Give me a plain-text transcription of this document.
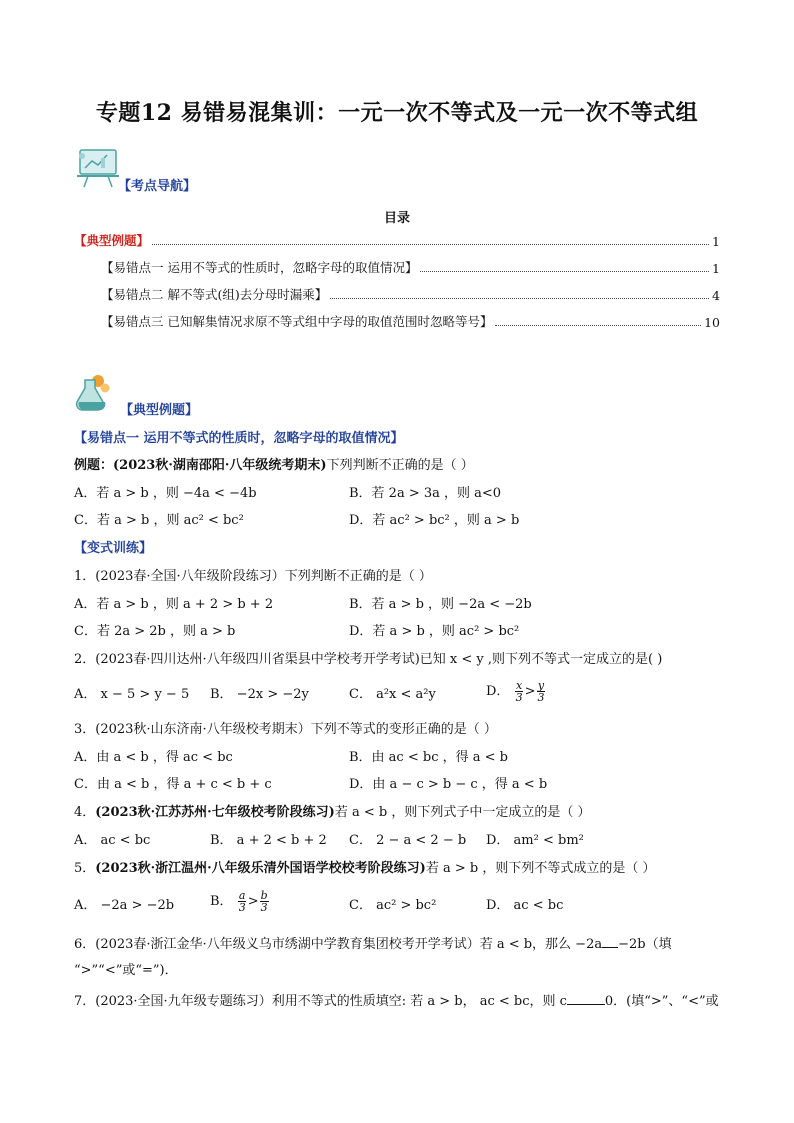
专题12 易错易混集训：一元一次不等式及一元一次不等式组
【考点导航】
目录
【典型例题】	1
【易错点一 运用不等式的性质时，忽略字母的取值情况】	1
【易错点二 解不等式(组)去分母时漏乘】	4
【易错点三 已知解集情况求原不等式组中字母的取值范围时忽略等号】	10
【典型例题】
【易错点一 运用不等式的性质时，忽略字母的取值情况】
例题：(2023秋·湖南邵阳·八年级统考期末)下列判断不正确的是（ ）
A．若 a > b ，则 −4a < −4b	B．若 2a > 3a ，则 a<0
C．若 a > b ，则 ac² < bc²	D．若 ac² > bc² ，则 a > b
【变式训练】
1．(2023春·全国·八年级阶段练习）下列判断不正确的是（ ）
A．若 a > b ，则 a + 2 > b + 2	B．若 a > b ，则 −2a < −2b
C．若 2a > 2b ，则 a > b	D．若 a > b ，则 ac² > bc²
2．(2023春·四川达州·八年级四川省渠县中学校考开学考试)已知 x < y ,则下列不等式一定成立的是( )
A． x − 5 > y − 5 B． −2x > −2y	C． a²x < a²y	D． $\frac{x}{3} > \frac{y}{3}$
3．(2023秋·山东济南·八年级校考期末）下列不等式的变形正确的是（ ）
A．由 a < b ，得 ac < bc	B．由 ac < bc ，得 a < b
C．由 a < b ，得 a + c < b + c	D．由 a − c > b − c ，得 a < b
4．(2023秋·江苏苏州·七年级校考阶段练习)若 a < b ，则下列式子中一定成立的是（ ）
A． ac < bc	B． a + 2 < b + 2 C． 2 − a < 2 − b D． am² < bm²
5．(2023秋·浙江温州·八年级乐清外国语学校校考阶段练习)若 a > b ，则下列不等式成立的是（ ）
A． −2a > −2b	B． $\frac{a}{3} > \frac{b}{3}$	C． ac² > bc²	D． ac < bc
6．(2023春·浙江金华·八年级义乌市绣湖中学教育集团校考开学考试）若 a < b，那么 −2a −2b（填
“>”“<”或“=”)．
7．(2023·全国·九年级专题练习）利用不等式的性质填空: 若 a > b， ac < bc，则 c	0．(填“>”、“<”或
